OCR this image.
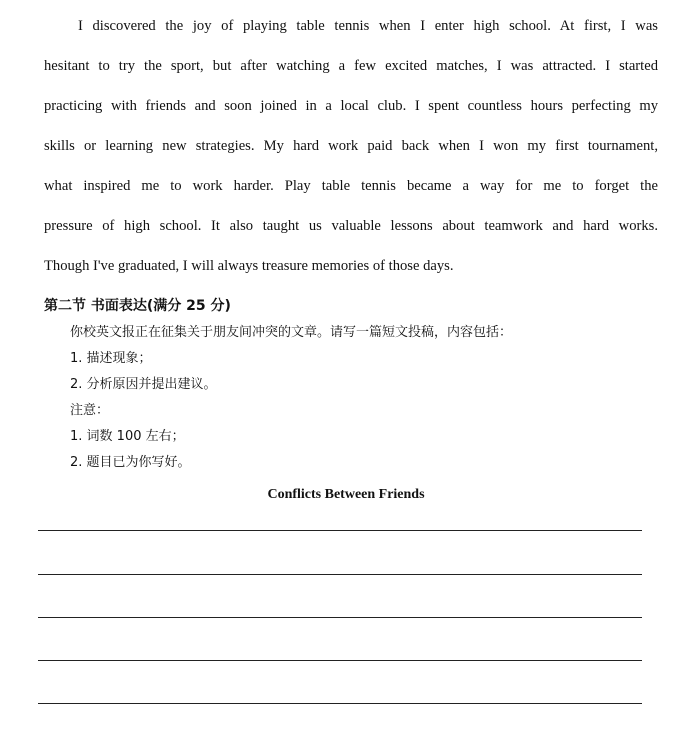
I discovered the joy of playing table tennis when I enter high school. At first, I was
hesitant to try the sport, but after watching a few excited matches, I was attracted. I started
practicing with friends and soon joined in a local club. I spent countless hours perfecting my
skills or learning new strategies. My hard work paid back when I won my first tournament,
what inspired me to work harder. Play table tennis became a way for me to forget the
pressure of high school. It also taught us valuable lessons about teamwork and hard works.
Though I've graduated, I will always treasure memories of those days.
第二节 书面表达(满分 25 分)
你校英文报正在征集关于朋友间冲突的文章。请写一篇短文投稿，内容包括：
1. 描述现象；
2. 分析原因并提出建议。
注意：
1. 词数 100 左右；
2. 题目已为你写好。
Conflicts Between Friends
